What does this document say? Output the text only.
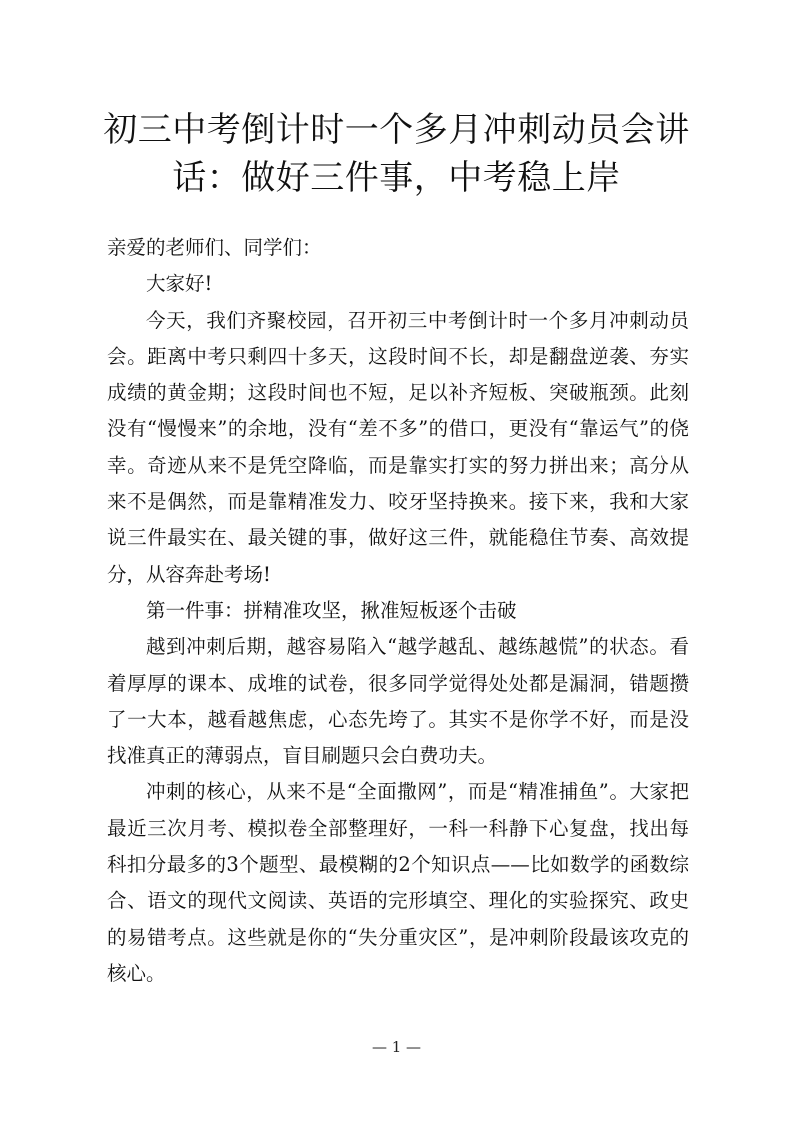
初三中考倒计时一个多月冲刺动员会讲
话：做好三件事，中考稳上岸

亲爱的老师们、同学们：

大家好!

今天，我们齐聚校园，召开初三中考倒计时一个多月冲刺动员会。距离中考只剩四十多天，这段时间不长，却是翻盘逆袭、夯实成绩的黄金期；这段时间也不短，足以补齐短板、突破瓶颈。此刻没有“慢慢来”的余地，没有“差不多”的借口，更没有“靠运气”的侥幸。奇迹从来不是凭空降临，而是靠实打实的努力拼出来；高分从来不是偶然，而是靠精准发力、咬牙坚持换来。接下来，我和大家说三件最实在、最关键的事，做好这三件，就能稳住节奏、高效提分，从容奔赴考场!

第一件事：拼精准攻坚，揪准短板逐个击破

越到冲刺后期，越容易陷入“越学越乱、越练越慌”的状态。看着厚厚的课本、成堆的试卷，很多同学觉得处处都是漏洞，错题攒了一大本，越看越焦虑，心态先垮了。其实不是你学不好，而是没找准真正的薄弱点，盲目刷题只会白费功夫。

冲刺的核心，从来不是“全面撒网”，而是“精准捕鱼”。大家把最近三次月考、模拟卷全部整理好，一科一科静下心复盘，找出每科扣分最多的3个题型、最模糊的2个知识点——比如数学的函数综合、语文的现代文阅读、英语的完形填空、理化的实验探究、政史的易错考点。这些就是你的“失分重灾区”，是冲刺阶段最该攻克的核心。

— 1 —
